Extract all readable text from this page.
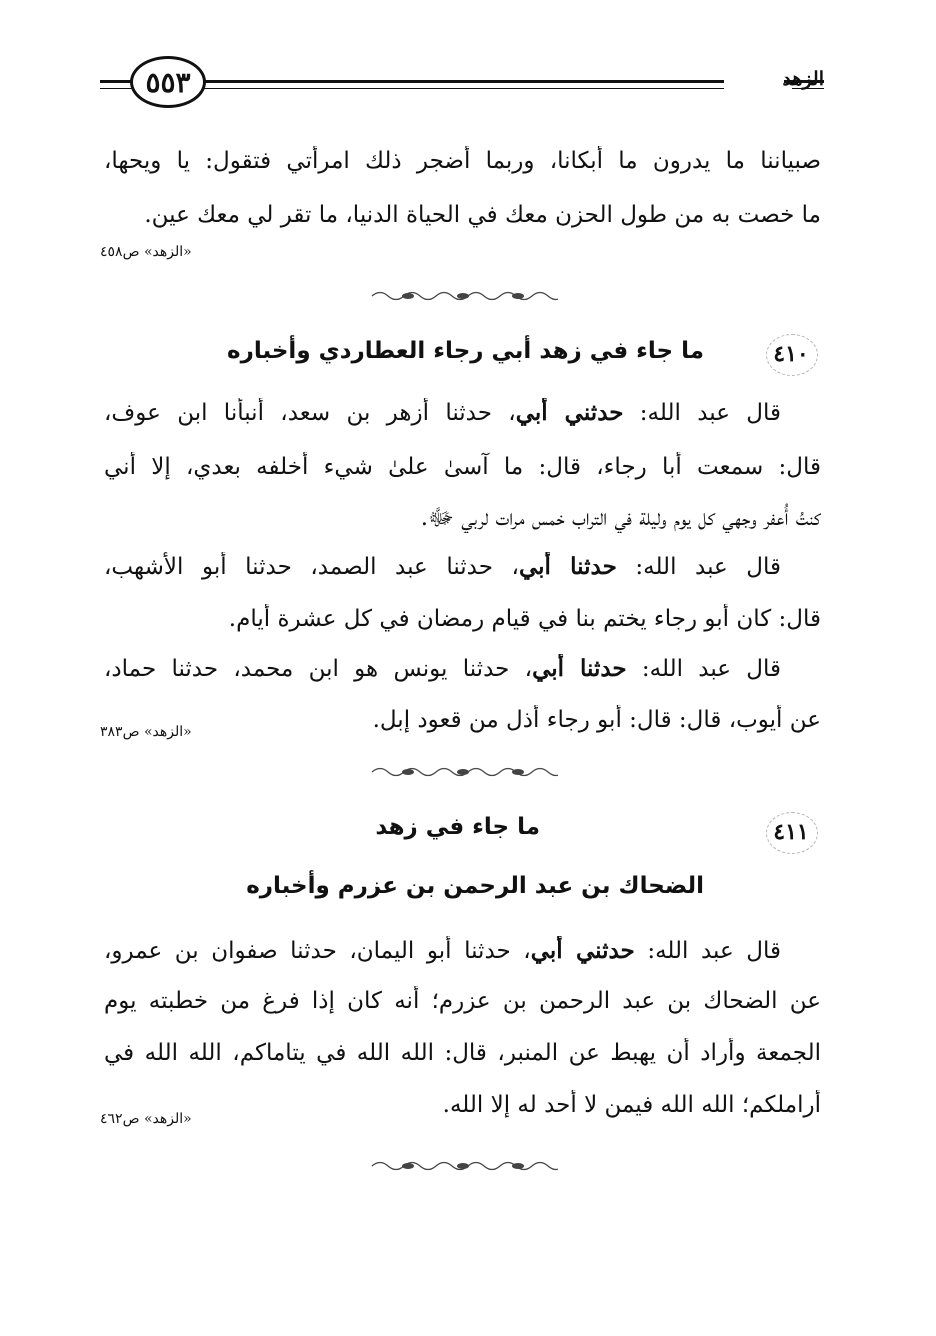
الزهد
٥٥٣
صبياننا ما يدرون ما أبكانا، وربما أضجر ذلك امرأتي فتقول: يا ويحها،
ما خصت به من طول الحزن معك في الحياة الدنيا، ما تقر لي معك عين.
«الزهد» ص٤٥٨
٤١٠
ما جاء في زهد أبي رجاء العطاردي وأخباره
قال عبد الله: حدثني أبي، حدثنا أزهر بن سعد، أنبأنا ابن عوف،
قال: سمعت أبا رجاء، قال: ما آسىٰ علىٰ شيء أخلفه بعدي، إلا أني
كنتُ أُعفر وجهي كل يوم وليلة في التراب خمس مرات لربي ﷻ.
قال عبد الله: حدثنا أبي، حدثنا عبد الصمد، حدثنا أبو الأشهب،
قال: كان أبو رجاء يختم بنا في قيام رمضان في كل عشرة أيام.
قال عبد الله: حدثنا أبي، حدثنا يونس هو ابن محمد، حدثنا حماد،
عن أيوب، قال: قال: أبو رجاء أذل من قعود إبل.
«الزهد» ص٣٨٣
٤١١
ما جاء في زهد
الضحاك بن عبد الرحمن بن عزرم وأخباره
قال عبد الله: حدثني أبي، حدثنا أبو اليمان، حدثنا صفوان بن عمرو،
عن الضحاك بن عبد الرحمن بن عزرم؛ أنه كان إذا فرغ من خطبته يوم
الجمعة وأراد أن يهبط عن المنبر، قال: الله الله في يتاماكم، الله الله في
أراملكم؛ الله الله فيمن لا أحد له إلا الله.
«الزهد» ص٤٦٢
